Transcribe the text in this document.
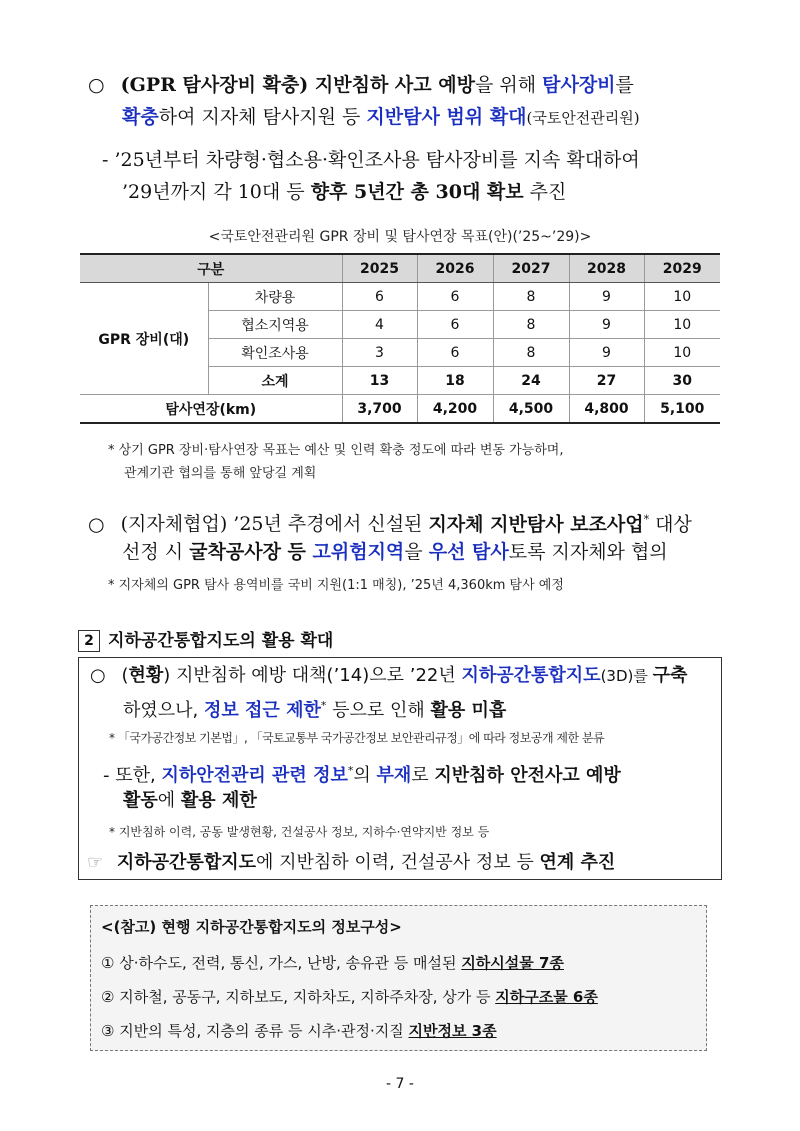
○ (GPR 탐사장비 확충) 지반침하 사고 예방을 위해 탐사장비를
확충하여 지자체 탐사지원 등 지반탐사 범위 확대(국토안전관리원)
- ’25년부터 차량형·협소용·확인조사용 탐사장비를 지속 확대하여
’29년까지 각 10대 등 향후 5년간 총 30대 확보 추진
<국토안전관리원 GPR 장비 및 탐사연장 목표(안)(’25~’29)>
구분		2025	2026	2027	2028	2029
GPR 장비(대)	차량용	6	6	8	9	10
	협소지역용	4	6	8	9	10
	확인조사용	3	6	8	9	10
	소계	13	18	24	27	30
탐사연장(km)		3,700	4,200	4,500	4,800	5,100
* 상기 GPR 장비·탐사연장 목표는 예산 및 인력 확충 정도에 따라 변동 가능하며,
관계기관 협의를 통해 앞당길 계획
○ (지자체협업) ’25년 추경에서 신설된 지자체 지반탐사 보조사업* 대상
선정 시 굴착공사장 등 고위험지역을 우선 탐사토록 지자체와 협의
* 지자체의 GPR 탐사 용역비를 국비 지원(1:1 매칭), ’25년 4,360km 탐사 예정
2 지하공간통합지도의 활용 확대
○ (현황) 지반침하 예방 대책(’14)으로 ’22년 지하공간통합지도(3D)를 구축
하였으나, 정보 접근 제한* 등으로 인해 활용 미흡
* 「국가공간정보 기본법」, 「국토교통부 국가공간정보 보안관리규정」에 따라 정보공개 제한 분류
- 또한, 지하안전관리 관련 정보*의 부재로 지반침하 안전사고 예방
활동에 활용 제한
* 지반침하 이력, 공동 발생현황, 건설공사 정보, 지하수·연약지반 정보 등
☞ 지하공간통합지도에 지반침하 이력, 건설공사 정보 등 연계 추진
<(참고) 현행 지하공간통합지도의 정보구성>
① 상·하수도, 전력, 통신, 가스, 난방, 송유관 등 매설된 지하시설물 7종
② 지하철, 공동구, 지하보도, 지하차도, 지하주차장, 상가 등 지하구조물 6종
③ 지반의 특성, 지층의 종류 등 시추·관정·지질 지반정보 3종
- 7 -
